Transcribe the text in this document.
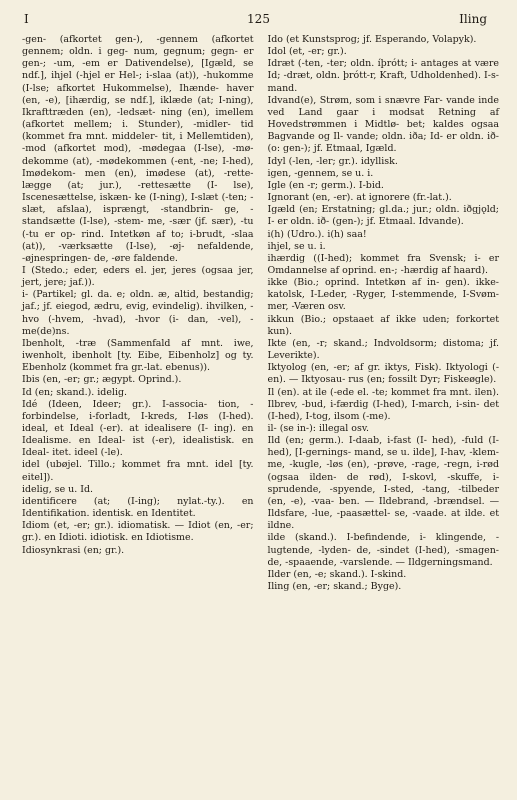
I	125	Iling

-gen- (afkortet gen-), -gennem (afkortet gennem; oldn. i geg- num, gegnum; gegn- er gen-; -um, -em er Dativendelse), [Igæld, se ndf.], ihjel (-hjel er Hel-; i-slaa (at)), -hukomme (I-lse; afkortet Hukommelse), Ihænde- haver (en, -e), [ihærdig, se ndf.], iklæde (at; I-ning), Ikrafttræden (en), -ledsæt- ning (en), imellem (afkortet mellem; i. Stunder), -midler- tid (kommet fra mnt. middeler- tit, i Mellemtiden), -mod (afkortet mod), -mødegaa (I-lse), -mø- dekomme (at), -mødekommen (-ent, -ne; I-hed), Imødekom- men (en), imødese (at), -rette- lægge (at; jur.), -rettesætte (I- lse), Iscenesættelse, iskæn- ke (I-ning), I-slæt (-ten; -slæt, afslaa), isprængt, -standbrin- ge, -standsætte (I-lse), -stem- me, -sær (jf. sær), -tu (-tu er op- rind. Intetkøn af to; i-brudt, -slaa (at)), -værksætte (I-lse), -øj- nefaldende, -øjnespringen- de, -øre faldende.

I (Stedo.; eder, eders el. jer, jeres (ogsaa jer, jert, jere; jaf.)).

i- (Partikel; gl. da. e; oldn. æ, altid, bestandig; jaf.; jf. eiegod, ædru, evig, evindelig). ihvilken, -hvo (-hvem, -hvad), -hvor (i- dan, -vel), -me(de)ns.

Ibenholt, -træ (Sammenfald af mnt. iwe, iwenholt, ibenholt [ty. Eibe, Eibenholz] og ty. Ebenholz (kommet fra gr.-lat. ebenus)).

Ibis (en, -er; gr.; ægypt. Oprind.).

Id (en; skand.). idelig.

Idé (Ideen, Ideer; gr.). I-associa- tion, -forbindelse, i-forladt, I-kreds, I-løs (I-hed). ideal, et Ideal (-er). at idealisere (I- ing). en Idealisme. en Ideal- ist (-er), idealistisk. en Ideal- itet. ideel (-le).

idel (ubøjel. Tillo.; kommet fra mnt. idel [ty. eitel]).

idelig, se u. Id.

identificere (at; (I-ing); nylat.-ty.). en Identifikation. identisk. en Identitet.

Idiom (et, -er; gr.). idiomatisk. — Idiot (en, -er; gr.). en Idioti. idiotisk. en Idiotisme.

Idiosynkrasi (en; gr.).

Ido (et Kunstsprog; jf. Esperando, Volapyk).

Idol (et, -er; gr.).

Idræt (-ten, -ter; oldn. íþrótt; i- antages at være Id; -dræt, oldn. þrótt-r, Kraft, Udholdenhed). I-s- mand.

Idvand(e), Strøm, som i snævre Far- vande inde ved Land gaar i modsat Retning af Hovedstrømmen i Midtlø- bet; kaldes ogsaa Bagvande og Il- vande; oldn. iða; Id- er oldn. ið- (o: gen-); jf. Etmaal, Igæld.

Idyl (-len, -ler; gr.). idyllisk.

igen, -gennem, se u. i.

Igle (en -r; germ.). I-bid.

Ignorant (en, -er). at ignorere (fr.-lat.).

Igæld (en; Erstatning; gl.da.; jur.; oldn. iðgjǫld; I- er oldn. ið- (gen-); jf. Etmaal. Idvande).

i(h) (Udro.). i(h) saa!

ihjel, se u. i.

ihærdig ((I-hed); kommet fra Svensk; i- er Omdannelse af oprind. en-; -hærdig af haard).

ikke (Bio.; oprind. Intetkøn af in- gen). ikke-katolsk, I-Leder, -Ryger, I-stemmende, I-Svøm- mer, -Væren osv.

ikkun (Bio.; opstaaet af ikke uden; forkortet kun).

Ikte (en, -r; skand.; Indvoldsorm; distoma; jf. Leverikte).

Iktyolog (en, -er; af gr. iktys, Fisk). Iktyologi (-en). — Iktyosau- rus (en; fossilt Dyr; Fiskeøgle).

Il (en). at ile (-ede el. -te; kommet fra mnt. ilen). Ilbrev, -bud, i-færdig (I-hed), I-march, i-sin- det (I-hed), I-tog, ilsom (-me).

il- (se in-): illegal osv.

Ild (en; germ.). I-daab, i-fast (I- hed), -fuld (I-hed), [I-gernings- mand, se u. ilde], I-hav, -klem- me, -kugle, -løs (en), -prøve, -rage, -regn, i-rød (ogsaa ilden- de rød), I-skovl, -skuffe, i- sprudende, -spyende, I-sted, -tang, -tilbeder (en, -e), -vaa- ben. — Ildebrand, -brændsel. — Ildsfare, -lue, -paasættel- se, -vaade. at ilde. et ildne.

ilde (skand.). I-befindende, i- klingende, -lugtende, -lyden- de, -sindet (I-hed), -smagen- de, -spaaende, -varslende. — Ildgerningsmand.

Ilder (en, -e; skand.). I-skind.

Iling (en, -er; skand.; Byge).
